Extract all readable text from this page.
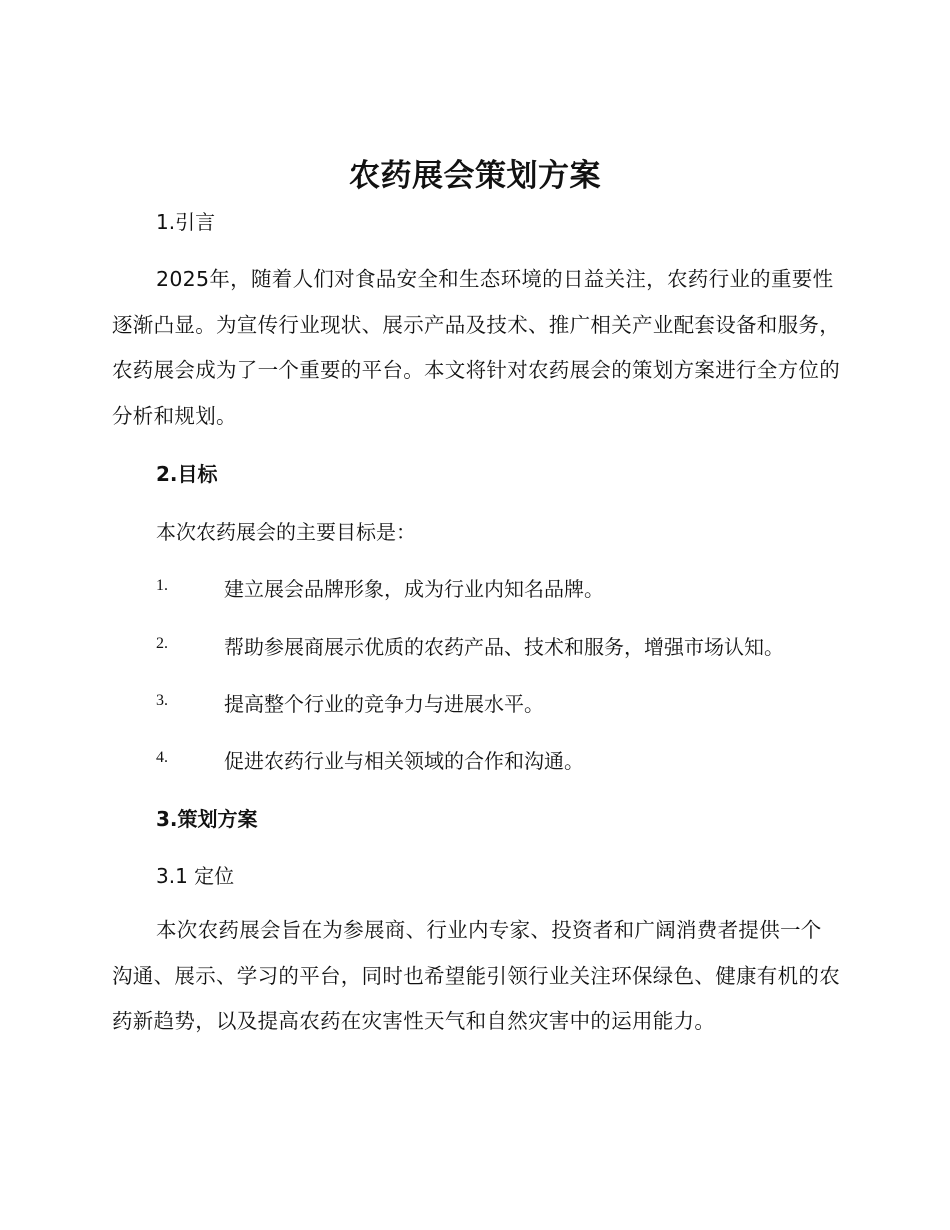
农药展会策划方案
1.引言

2025年，随着人们对食品安全和生态环境的日益关注，农药行业的重要性逐渐凸显。为宣传行业现状、展示产品及技术、推广相关产业配套设备和服务，农药展会成为了一个重要的平台。本文将针对农药展会的策划方案进行全方位的分析和规划。

2.目标

本次农药展会的主要目标是：

1.	建立展会品牌形象，成为行业内知名品牌。
2.	帮助参展商展示优质的农药产品、技术和服务，增强市场认知。
3.	提高整个行业的竞争力与进展水平。
4.	促进农药行业与相关领域的合作和沟通。
3.策划方案
3.1 定位

本次农药展会旨在为参展商、行业内专家、投资者和广阔消费者提供一个沟通、展示、学习的平台，同时也希望能引领行业关注环保绿色、健康有机的农药新趋势，以及提高农药在灾害性天气和自然灾害中的运用能力。
